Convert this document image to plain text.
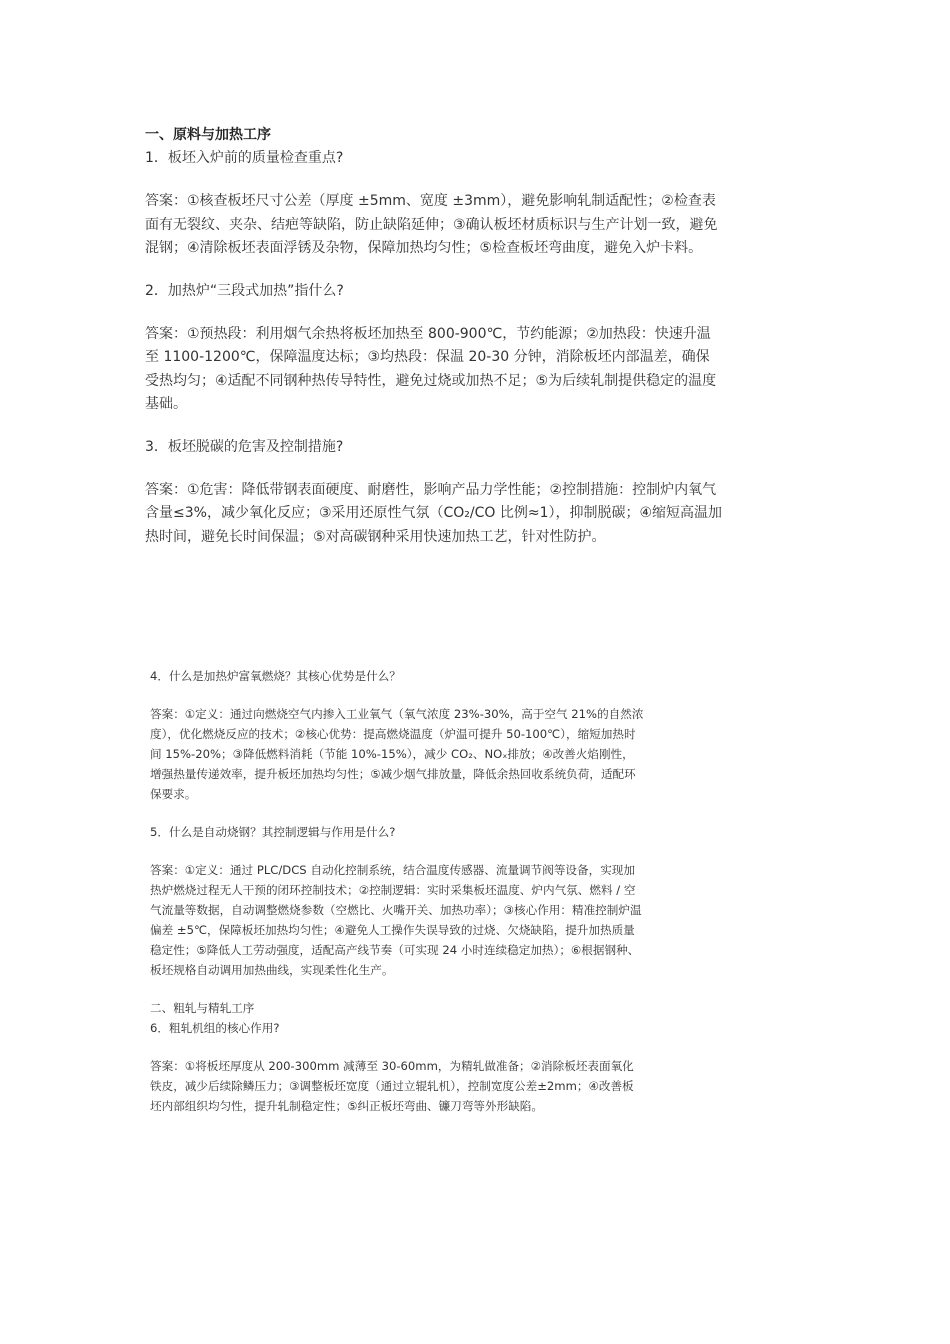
一、原料与加热工序

1．板坯入炉前的质量检查重点?

答案：①核查板坯尺寸公差（厚度 ±5mm、宽度 ±3mm），避免影响轧制适配性；②检查表面有无裂纹、夹杂、结疤等缺陷，防止缺陷延伸；③确认板坯材质标识与生产计划一致，避免混钢；④清除板坯表面浮锈及杂物，保障加热均匀性；⑤检查板坯弯曲度，避免入炉卡料。

2．加热炉“三段式加热”指什么?

答案：①预热段：利用烟气余热将板坯加热至 800-900℃，节约能源；②加热段：快速升温至 1100-1200℃，保障温度达标；③均热段：保温 20-30 分钟，消除板坯内部温差，确保受热均匀；④适配不同钢种热传导特性，避免过烧或加热不足；⑤为后续轧制提供稳定的温度基础。

3．板坯脱碳的危害及控制措施?

答案：①危害：降低带钢表面硬度、耐磨性，影响产品力学性能；②控制措施：控制炉内氧气含量≤3%，减少氧化反应；③采用还原性气氛（CO₂/CO 比例≈1），抑制脱碳；④缩短高温加热时间，避免长时间保温；⑤对高碳钢种采用快速加热工艺，针对性防护。

4．什么是加热炉富氧燃烧？其核心优势是什么？

答案：①定义：通过向燃烧空气内掺入工业氧气（氧气浓度 23%-30%，高于空气 21%的自然浓度），优化燃烧反应的技术；②核心优势：提高燃烧温度（炉温可提升 50-100℃），缩短加热时间 15%-20%；③降低燃料消耗（节能 10%-15%），减少 CO₂、NOₓ排放；④改善火焰刚性，增强热量传递效率，提升板坯加热均匀性；⑤减少烟气排放量，降低余热回收系统负荷，适配环保要求。

5．什么是自动烧钢？其控制逻辑与作用是什么?

答案：①定义：通过 PLC/DCS 自动化控制系统，结合温度传感器、流量调节阀等设备，实现加热炉燃烧过程无人干预的闭环控制技术；②控制逻辑：实时采集板坯温度、炉内气氛、燃料 / 空气流量等数据，自动调整燃烧参数（空燃比、火嘴开关、加热功率）；③核心作用：精准控制炉温偏差 ±5℃，保障板坯加热均匀性；④避免人工操作失误导致的过烧、欠烧缺陷，提升加热质量稳定性；⑤降低人工劳动强度，适配高产线节奏（可实现 24 小时连续稳定加热）；⑥根据钢种、板坯规格自动调用加热曲线，实现柔性化生产。

二、粗轧与精轧工序

6．粗轧机组的核心作用?

答案：①将板坯厚度从 200-300mm 减薄至 30-60mm，为精轧做准备；②消除板坯表面氧化铁皮，减少后续除鳞压力；③调整板坯宽度（通过立辊轧机），控制宽度公差±2mm；④改善板坯内部组织均匀性，提升轧制稳定性；⑤纠正板坯弯曲、镰刀弯等外形缺陷。
